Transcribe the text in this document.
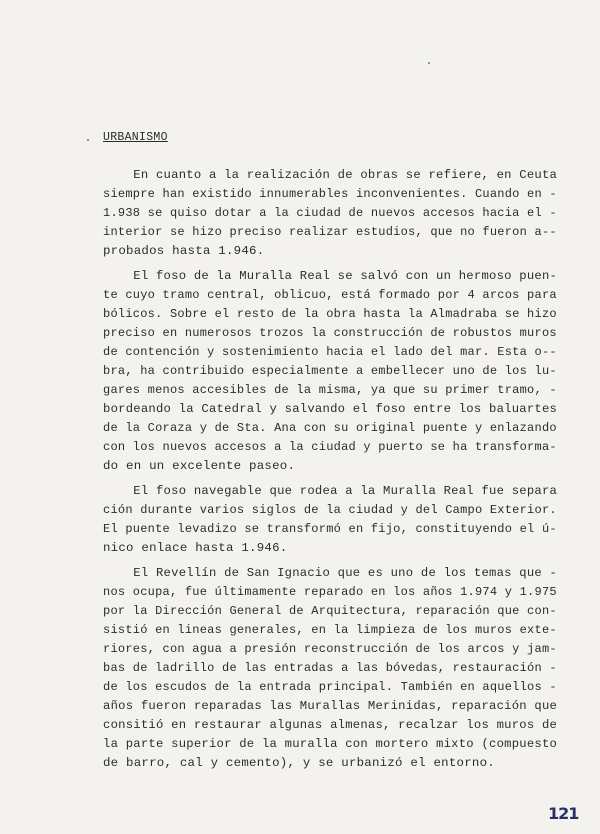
URBANISMO
En cuanto a la realización de obras se refiere, en Ceuta
siempre han existido innumerables inconvenientes. Cuando en -
1.938 se quiso dotar a la ciudad de nuevos accesos hacia el -
interior se hizo preciso realizar estudios, que no fueron a--
probados hasta 1.946.
El foso de la Muralla Real se salvó con un hermoso puen-
te cuyo tramo central, oblicuo, está formado por 4 arcos para
bólicos. Sobre el resto de la obra hasta la Almadraba se hizo
preciso en numerosos trozos la construcción de robustos muros
de contención y sostenimiento hacia el lado del mar. Esta o--
bra, ha contribuido especialmente a embellecer uno de los lu-
gares menos accesibles de la misma, ya que su primer tramo, -
bordeando la Catedral y salvando el foso entre los baluartes
de la Coraza y de Sta. Ana con su original puente y enlazando
con los nuevos accesos a la ciudad y puerto se ha transforma-
do en un excelente paseo.
El foso navegable que rodea a la Muralla Real fue separa
ción durante varios siglos de la ciudad y del Campo Exterior.
El puente levadizo se transformó en fijo, constituyendo el ú-
nico enlace hasta 1.946.
El Revellín de San Ignacio que es uno de los temas que -
nos ocupa, fue últimamente reparado en los años 1.974 y 1.975
por la Dirección General de Arquitectura, reparación que con-
sistió en lineas generales, en la limpieza de los muros exte-
riores, con agua a presión reconstrucción de los arcos y jam-
bas de ladrillo de las entradas a las bóvedas, restauración -
de los escudos de la entrada principal. También en aquellos -
años fueron reparadas las Murallas Merinidas, reparación que
consitió en restaurar algunas almenas, recalzar los muros de
la parte superior de la muralla con mortero mixto (compuesto
de barro, cal y cemento), y se urbanizó el entorno.
121
